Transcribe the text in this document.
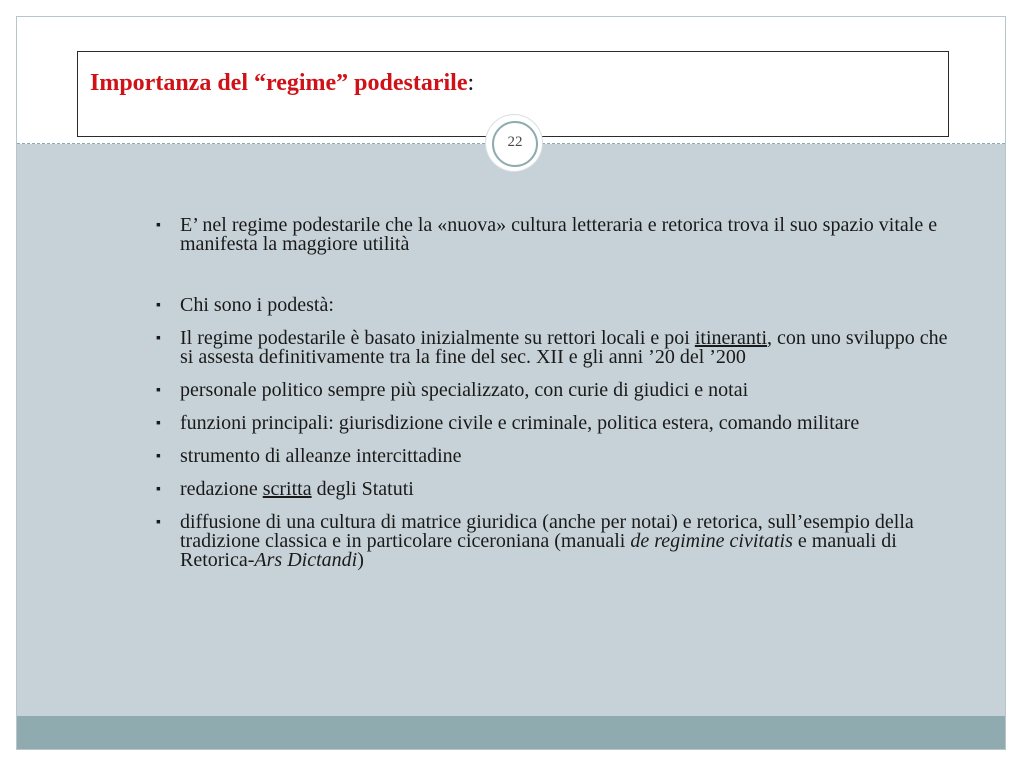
Importanza del “regime” podestarile:
▪ E’ nel regime podestarile che la «nuova» cultura letteraria e retorica trova il suo spazio vitale e manifesta la maggiore utilità
▪ Chi sono i podestà:
▪ Il regime podestarile è basato inizialmente su rettori locali e poi itineranti, con uno sviluppo che si assesta definitivamente tra la fine del sec. XII e gli anni ’20 del ’200
▪ personale politico sempre più specializzato, con curie di giudici e notai
▪ funzioni principali: giurisdizione civile e criminale, politica estera, comando militare
▪ strumento di alleanze intercittadine
▪ redazione scritta degli Statuti
▪ diffusione di una cultura di matrice giuridica (anche per notai) e retorica, sull’esempio della tradizione classica e in particolare ciceroniana (manuali de regimine civitatis e manuali di Retorica-Ars Dictandi)
22
